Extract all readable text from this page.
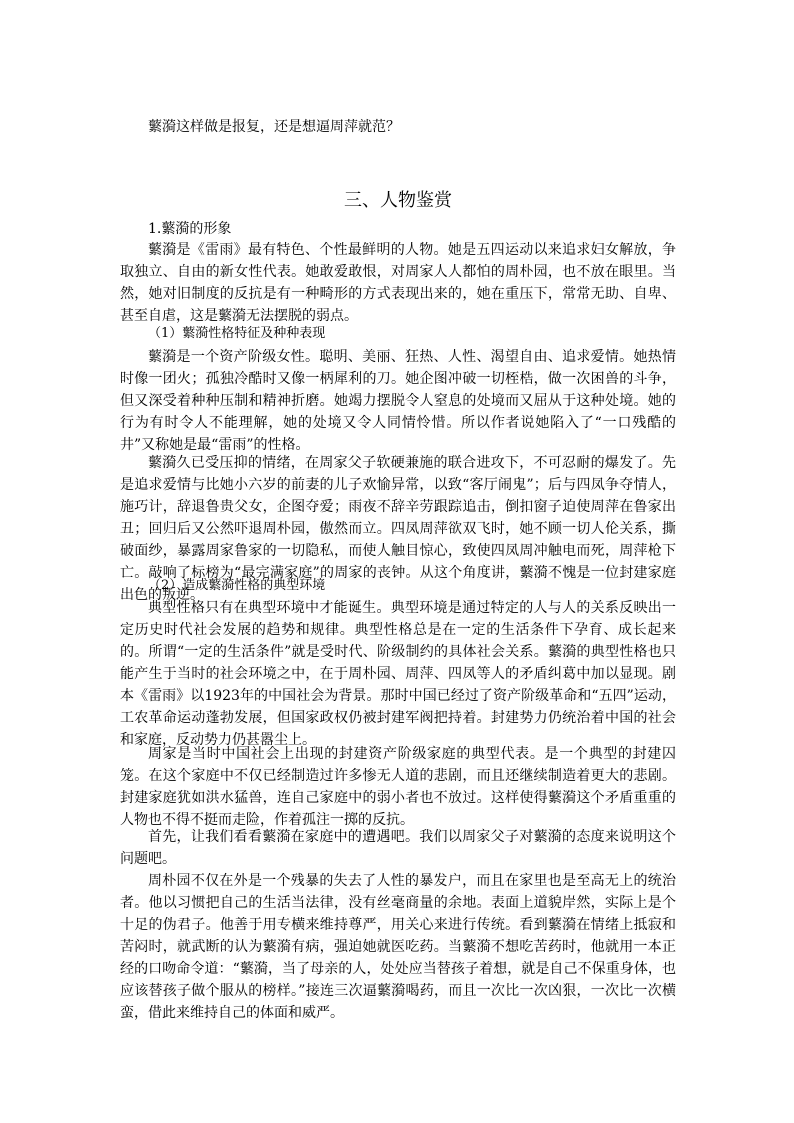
蘩漪这样做是报复，还是想逼周萍就范？
三、人物鉴赏
1.蘩漪的形象

蘩漪是《雷雨》最有特色、个性最鲜明的人物。她是五四运动以来追求妇女解放，争取独立、自由的新女性代表。她敢爱敢恨，对周家人人都怕的周朴园，也不放在眼里。当然，她对旧制度的反抗是有一种畸形的方式表现出来的，她在重压下，常常无助、自卑、甚至自虐，这是蘩漪无法摆脱的弱点。

（1）蘩漪性格特征及种种表现

蘩漪是一个资产阶级女性。聪明、美丽、狂热、人性、渴望自由、追求爱情。她热情时像一团火；孤独冷酷时又像一柄犀利的刀。她企图冲破一切桎梏，做一次困兽的斗争，但又深受着种种压制和精神折磨。她竭力摆脱令人窒息的处境而又屈从于这种处境。她的行为有时令人不能理解，她的处境又令人同情怜惜。所以作者说她陷入了“一口残酷的井”又称她是最“雷雨”的性格。

蘩漪久已受压抑的情绪，在周家父子软硬兼施的联合进攻下，不可忍耐的爆发了。先是追求爱情与比她小六岁的前妻的儿子欢愉异常，以致“客厅闹鬼”；后与四凤争夺情人，施巧计，辞退鲁贵父女，企图夺爱；雨夜不辞辛劳跟踪追击，倒扣窗子迫使周萍在鲁家出丑；回归后又公然吓退周朴园，傲然而立。四凤周萍欲双飞时，她不顾一切人伦关系，撕破面纱，暴露周家鲁家的一切隐私，而使人触目惊心，致使四凤周冲触电而死，周萍枪下亡。敲响了标榜为“最完满家庭”的周家的丧钟。从这个角度讲，蘩漪不愧是一位封建家庭出色的叛逆。

（2）造成蘩漪性格的典型环境

典型性格只有在典型环境中才能诞生。典型环境是通过特定的人与人的关系反映出一定历史时代社会发展的趋势和规律。典型性格总是在一定的生活条件下孕育、成长起来的。所谓“一定的生活条件”就是受时代、阶级制约的具体社会关系。蘩漪的典型性格也只能产生于当时的社会环境之中，在于周朴园、周萍、四凤等人的矛盾纠葛中加以显现。剧本《雷雨》以1923年的中国社会为背景。那时中国已经过了资产阶级革命和“五四”运动，工农革命运动蓬勃发展，但国家政权仍被封建军阀把持着。封建势力仍统治着中国的社会和家庭，反动势力仍甚嚣尘上。

周家是当时中国社会上出现的封建资产阶级家庭的典型代表。是一个典型的封建囚笼。在这个家庭中不仅已经制造过许多惨无人道的悲剧，而且还继续制造着更大的悲剧。封建家庭犹如洪水猛兽，连自己家庭中的弱小者也不放过。这样使得蘩漪这个矛盾重重的人物也不得不挺而走险，作着孤注一掷的反抗。

首先，让我们看看蘩漪在家庭中的遭遇吧。我们以周家父子对蘩漪的态度来说明这个问题吧。

周朴园不仅在外是一个残暴的失去了人性的暴发户，而且在家里也是至高无上的统治者。他以习惯把自己的生活当法律，没有丝毫商量的余地。表面上道貌岸然，实际上是个十足的伪君子。他善于用专横来维持尊严，用关心来进行传统。看到蘩漪在情绪上抵寂和苦闷时，就武断的认为蘩漪有病，强迫她就医吃药。当蘩漪不想吃苦药时，他就用一本正经的口吻命令道：“蘩漪，当了母亲的人，处处应当替孩子着想，就是自己不保重身体，也应该替孩子做个服从的榜样。”接连三次逼蘩漪喝药，而且一次比一次凶狠，一次比一次横蛮，借此来维持自己的体面和威严。
